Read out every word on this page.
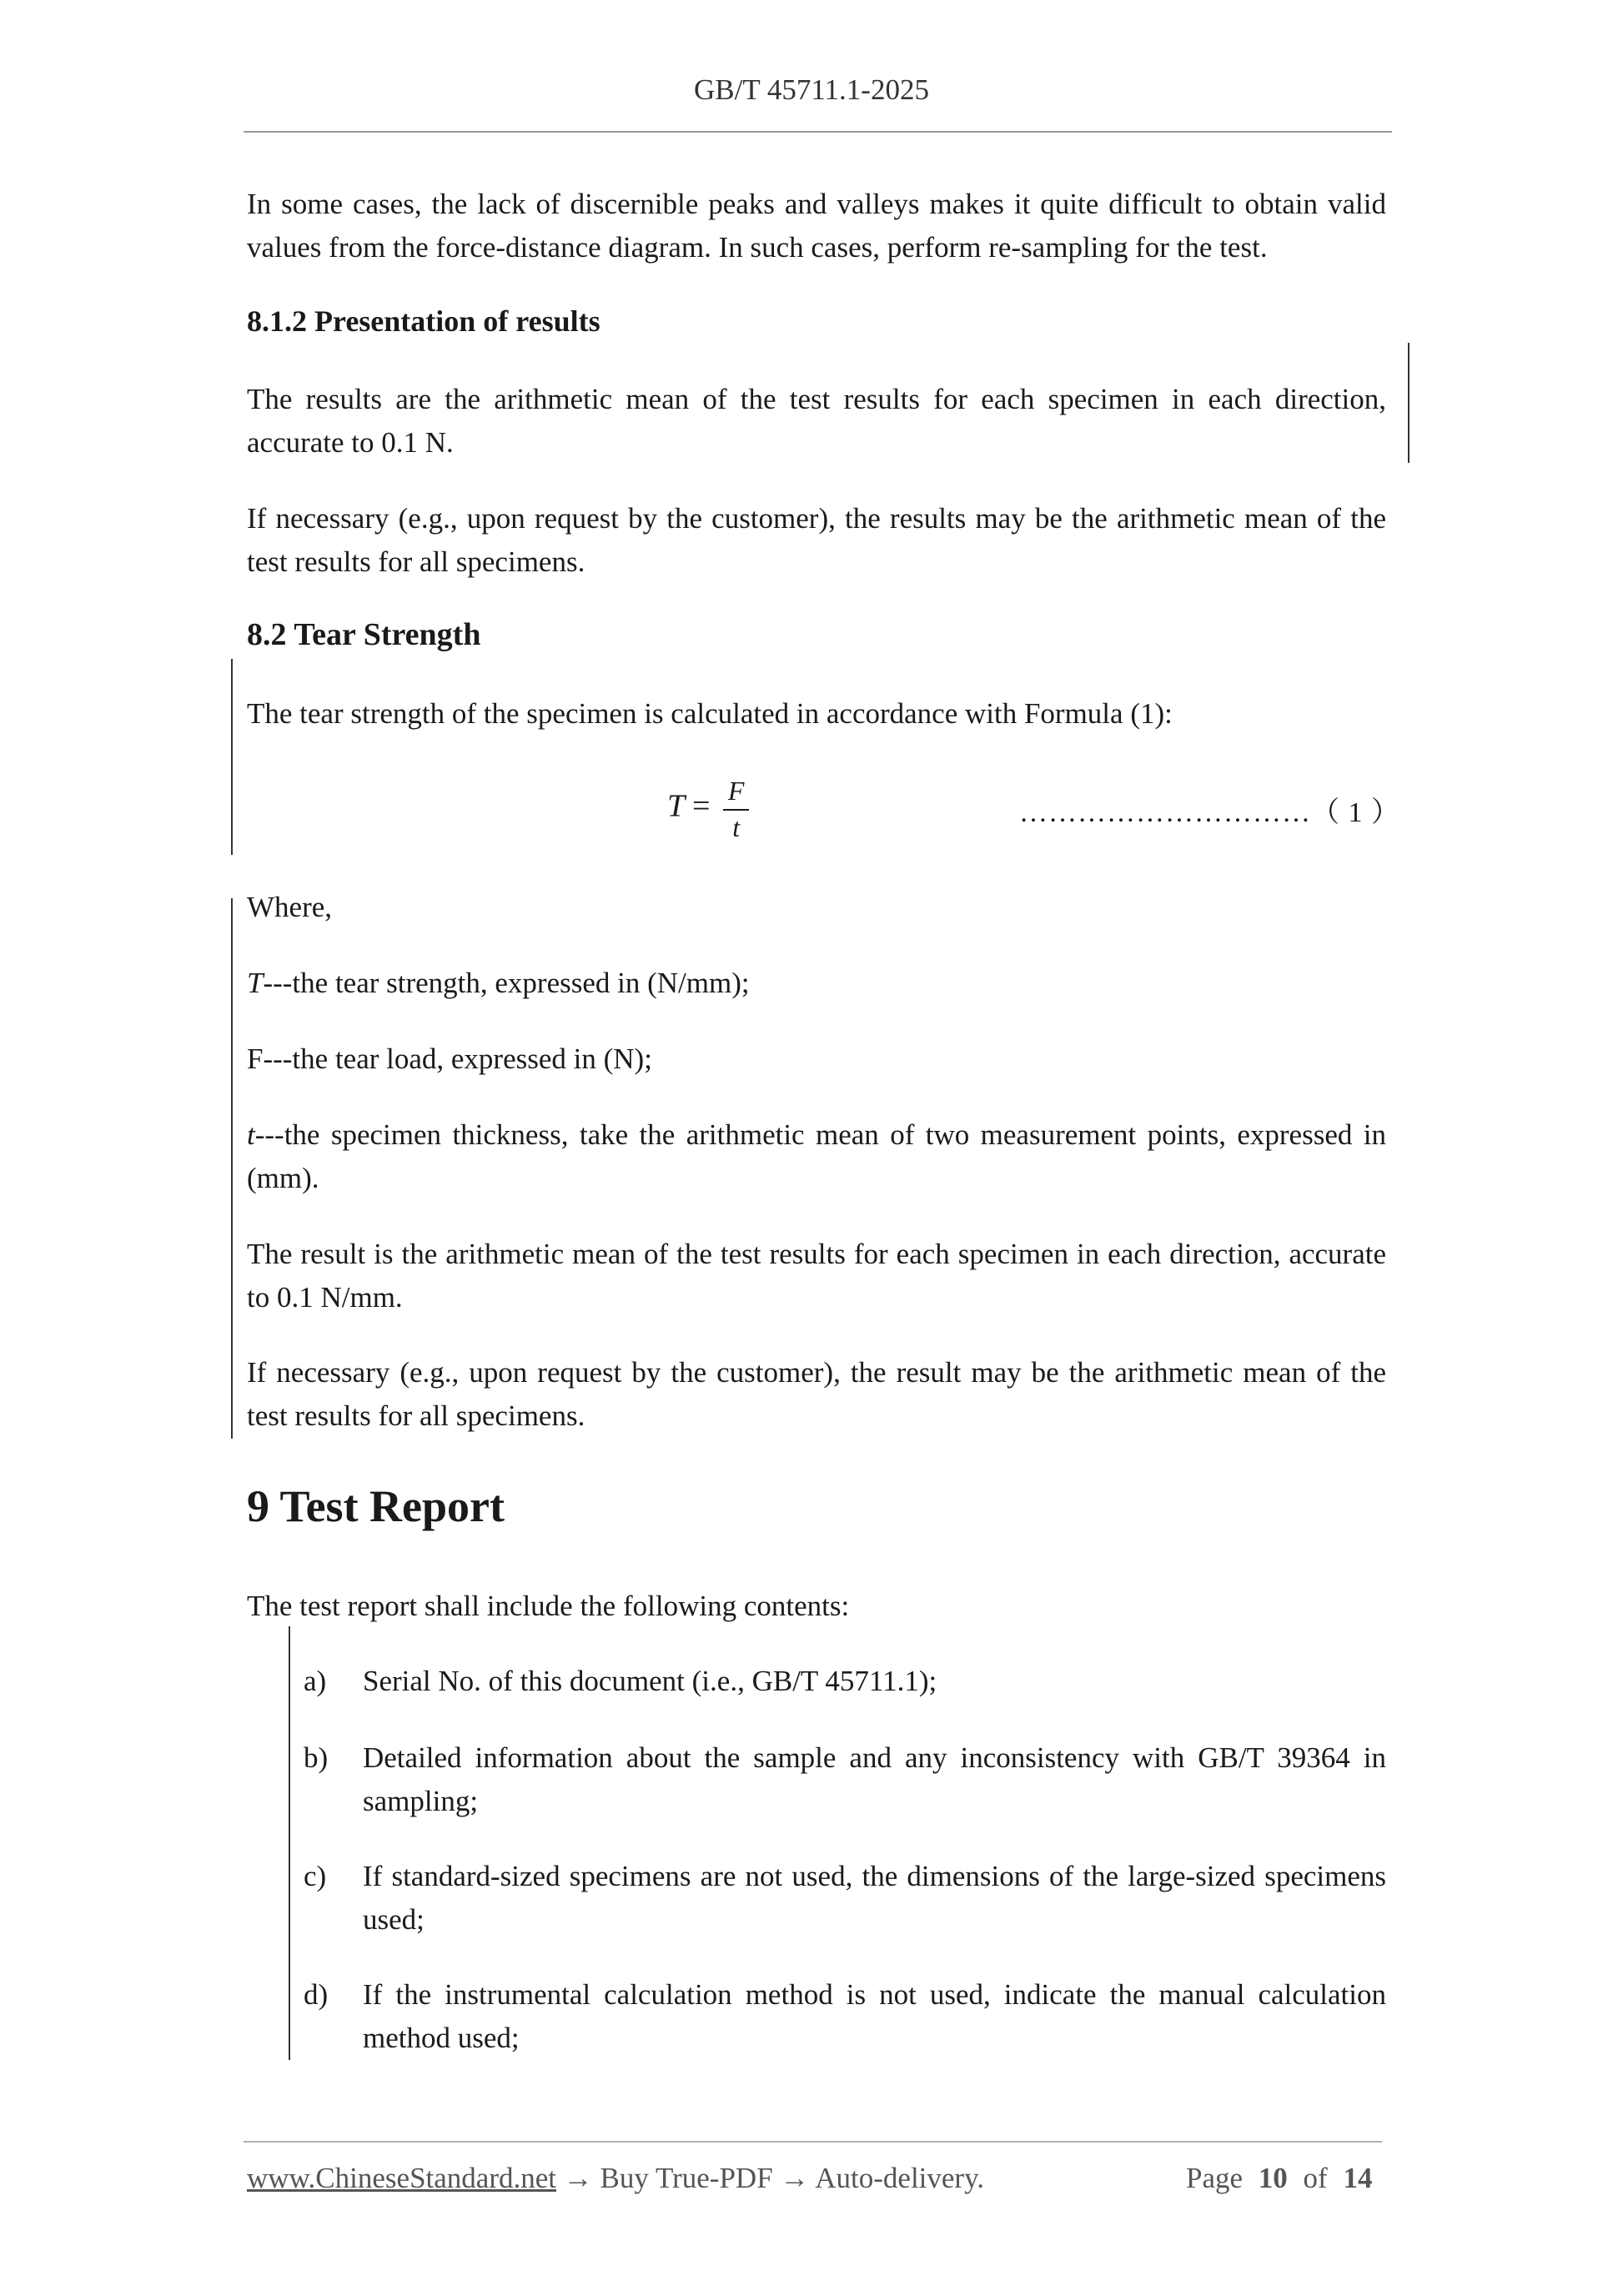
GB/T 45711.1-2025
In some cases, the lack of discernible peaks and valleys makes it quite difficult to obtain valid values from the force-distance diagram. In such cases, perform re-sampling for the test.
8.1.2 Presentation of results
The results are the arithmetic mean of the test results for each specimen in each direction, accurate to 0.1 N.
If necessary (e.g., upon request by the customer), the results may be the arithmetic mean of the test results for all specimens.
8.2 Tear Strength
The tear strength of the specimen is calculated in accordance with Formula (1):
$T = \frac{F}{t}$	…………………………（ 1 ）
Where,
T---the tear strength, expressed in (N/mm);
F---the tear load, expressed in (N);
t---the specimen thickness, take the arithmetic mean of two measurement points, expressed in (mm).
The result is the arithmetic mean of the test results for each specimen in each direction, accurate to 0.1 N/mm.
If necessary (e.g., upon request by the customer), the result may be the arithmetic mean of the test results for all specimens.
9 Test Report
The test report shall include the following contents:
a) Serial No. of this document (i.e., GB/T 45711.1);
b) Detailed information about the sample and any inconsistency with GB/T 39364 in sampling;
c) If standard-sized specimens are not used, the dimensions of the large-sized specimens used;
d) If the instrumental calculation method is not used, indicate the manual calculation method used;
www.ChineseStandard.net → Buy True-PDF → Auto-delivery.	Page 10 of 14
